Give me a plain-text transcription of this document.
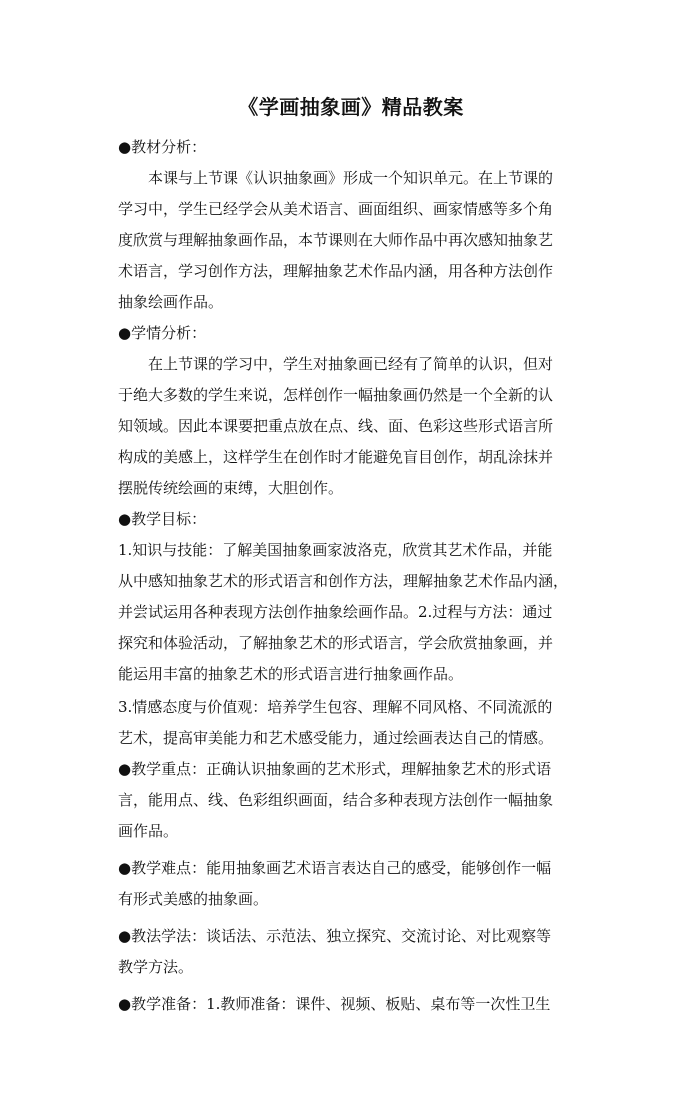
《学画抽象画》精品教案
●教材分析：
本课与上节课《认识抽象画》形成一个知识单元。在上节课的
学习中，学生已经学会从美术语言、画面组织、画家情感等多个角
度欣赏与理解抽象画作品，本节课则在大师作品中再次感知抽象艺
术语言，学习创作方法，理解抽象艺术作品内涵，用各种方法创作
抽象绘画作品。
●学情分析：
在上节课的学习中，学生对抽象画已经有了简单的认识，但对
于绝大多数的学生来说，怎样创作一幅抽象画仍然是一个全新的认
知领域。因此本课要把重点放在点、线、面、色彩这些形式语言所
构成的美感上，这样学生在创作时才能避免盲目创作，胡乱涂抹并
摆脱传统绘画的束缚，大胆创作。
●教学目标：
1.知识与技能：了解美国抽象画家波洛克，欣赏其艺术作品，并能
从中感知抽象艺术的形式语言和创作方法，理解抽象艺术作品内涵，
并尝试运用各种表现方法创作抽象绘画作品。2.过程与方法：通过
探究和体验活动，了解抽象艺术的形式语言，学会欣赏抽象画，并
能运用丰富的抽象艺术的形式语言进行抽象画作品。
3.情感态度与价值观：培养学生包容、理解不同风格、不同流派的
艺术，提高审美能力和艺术感受能力，通过绘画表达自己的情感。
●教学重点：正确认识抽象画的艺术形式，理解抽象艺术的形式语
言，能用点、线、色彩组织画面，结合多种表现方法创作一幅抽象
画作品。
●教学难点：能用抽象画艺术语言表达自己的感受，能够创作一幅
有形式美感的抽象画。
●教法学法：谈话法、示范法、独立探究、交流讨论、对比观察等
教学方法。
●教学准备：1.教师准备：课件、视频、板贴、桌布等一次性卫生
